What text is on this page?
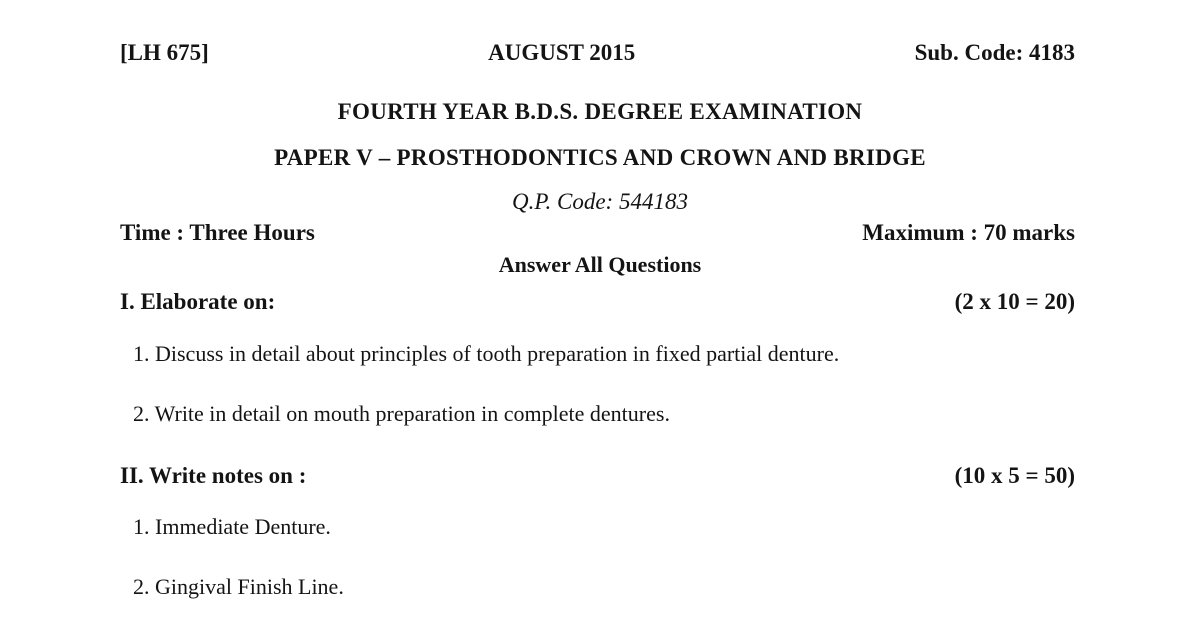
[LH 675]	AUGUST 2015	Sub. Code: 4183
FOURTH YEAR B.D.S. DEGREE EXAMINATION
PAPER V – PROSTHODONTICS AND CROWN AND BRIDGE
Q.P. Code: 544183
Time : Three Hours	Maximum : 70 marks
Answer All Questions
I. Elaborate on:	(2 x 10 = 20)
1. Discuss in detail about principles of tooth preparation in fixed partial denture.
2. Write in detail on mouth preparation in complete dentures.
II. Write notes on :	(10 x 5 = 50)
1. Immediate Denture.
2. Gingival Finish Line.
